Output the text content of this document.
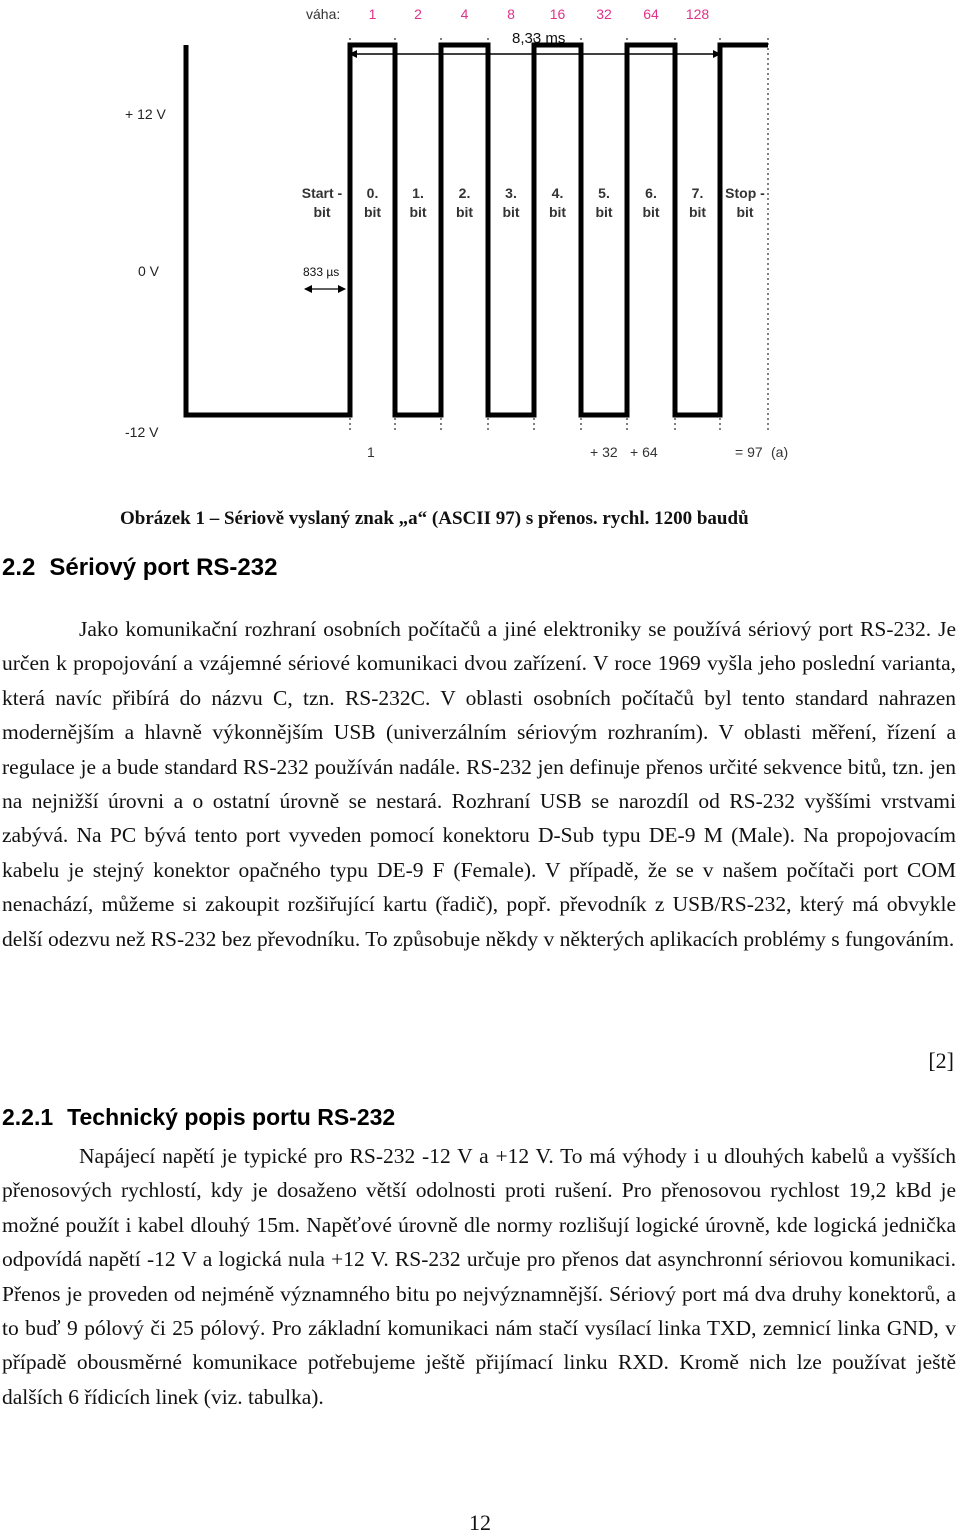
váha: 1	2	4	8 16 32 64 128
8,33 ms
+ 12 V
0 V
-12 V
Start -
bit
0.
bit
1.
bit
2.
bit
3.
bit
4.
bit
5.
bit
6.
bit
7.
bit
Stop -
bit
833 µs
1	+ 32 + 64	= 97 (a)
Obrázek 1 – Sériově vyslaný znak „a“ (ASCII 97) s přenos. rychl. 1200 baudů
2.2 Sériový port RS-232
Jako komunikační rozhraní osobních počítačů a jiné elektroniky se používá sériový port RS-232. Je určen k propojování a vzájemné sériové komunikaci dvou zařízení. V roce 1969 vyšla jeho poslední varianta, která navíc přibírá do názvu C, tzn. RS-232C. V oblasti osobních počítačů byl tento standard nahrazen modernějším a hlavně výkonnějším USB (univerzálním sériovým rozhraním). V oblasti měření, řízení a regulace je a bude standard RS-232 používán nadále. RS-232 jen definuje přenos určité sekvence bitů, tzn. jen na nejnižší úrovni a o ostatní úrovně se nestará. Rozhraní USB se narozdíl od RS-232 vyššími vrstvami zabývá. Na PC bývá tento port vyveden pomocí konektoru D-Sub typu DE-9 M (Male). Na propojovacím kabelu je stejný konektor opačného typu DE-9 F (Female). V případě, že se v našem počítači port COM nenachází, můžeme si zakoupit rozšiřující kartu (řadič), popř. převodník z USB/RS-232, který má obvykle delší odezvu než RS-232 bez převodníku. To způsobuje někdy v některých aplikacích problémy s fungováním.
[2]
2.2.1 Technický popis portu RS-232
Napájecí napětí je typické pro RS-232 -12 V a +12 V. To má výhody i u dlouhých kabelů a vyšších přenosových rychlostí, kdy je dosaženo větší odolnosti proti rušení. Pro přenosovou rychlost 19,2 kBd je možné použít i kabel dlouhý 15m. Napěťové úrovně dle normy rozlišují logické úrovně, kde logická jednička odpovídá napětí -12 V a logická nula +12 V. RS-232 určuje pro přenos dat asynchronní sériovou komunikaci. Přenos je proveden od nejméně významného bitu po nejvýznamnější. Sériový port má dva druhy konektorů, a to buď 9 pólový či 25 pólový. Pro základní komunikaci nám stačí vysílací linka TXD, zemnicí linka GND, v případě obousměrné komunikace potřebujeme ještě přijímací linku RXD. Kromě nich lze používat ještě dalších 6 řídicích linek (viz. tabulka).
12
